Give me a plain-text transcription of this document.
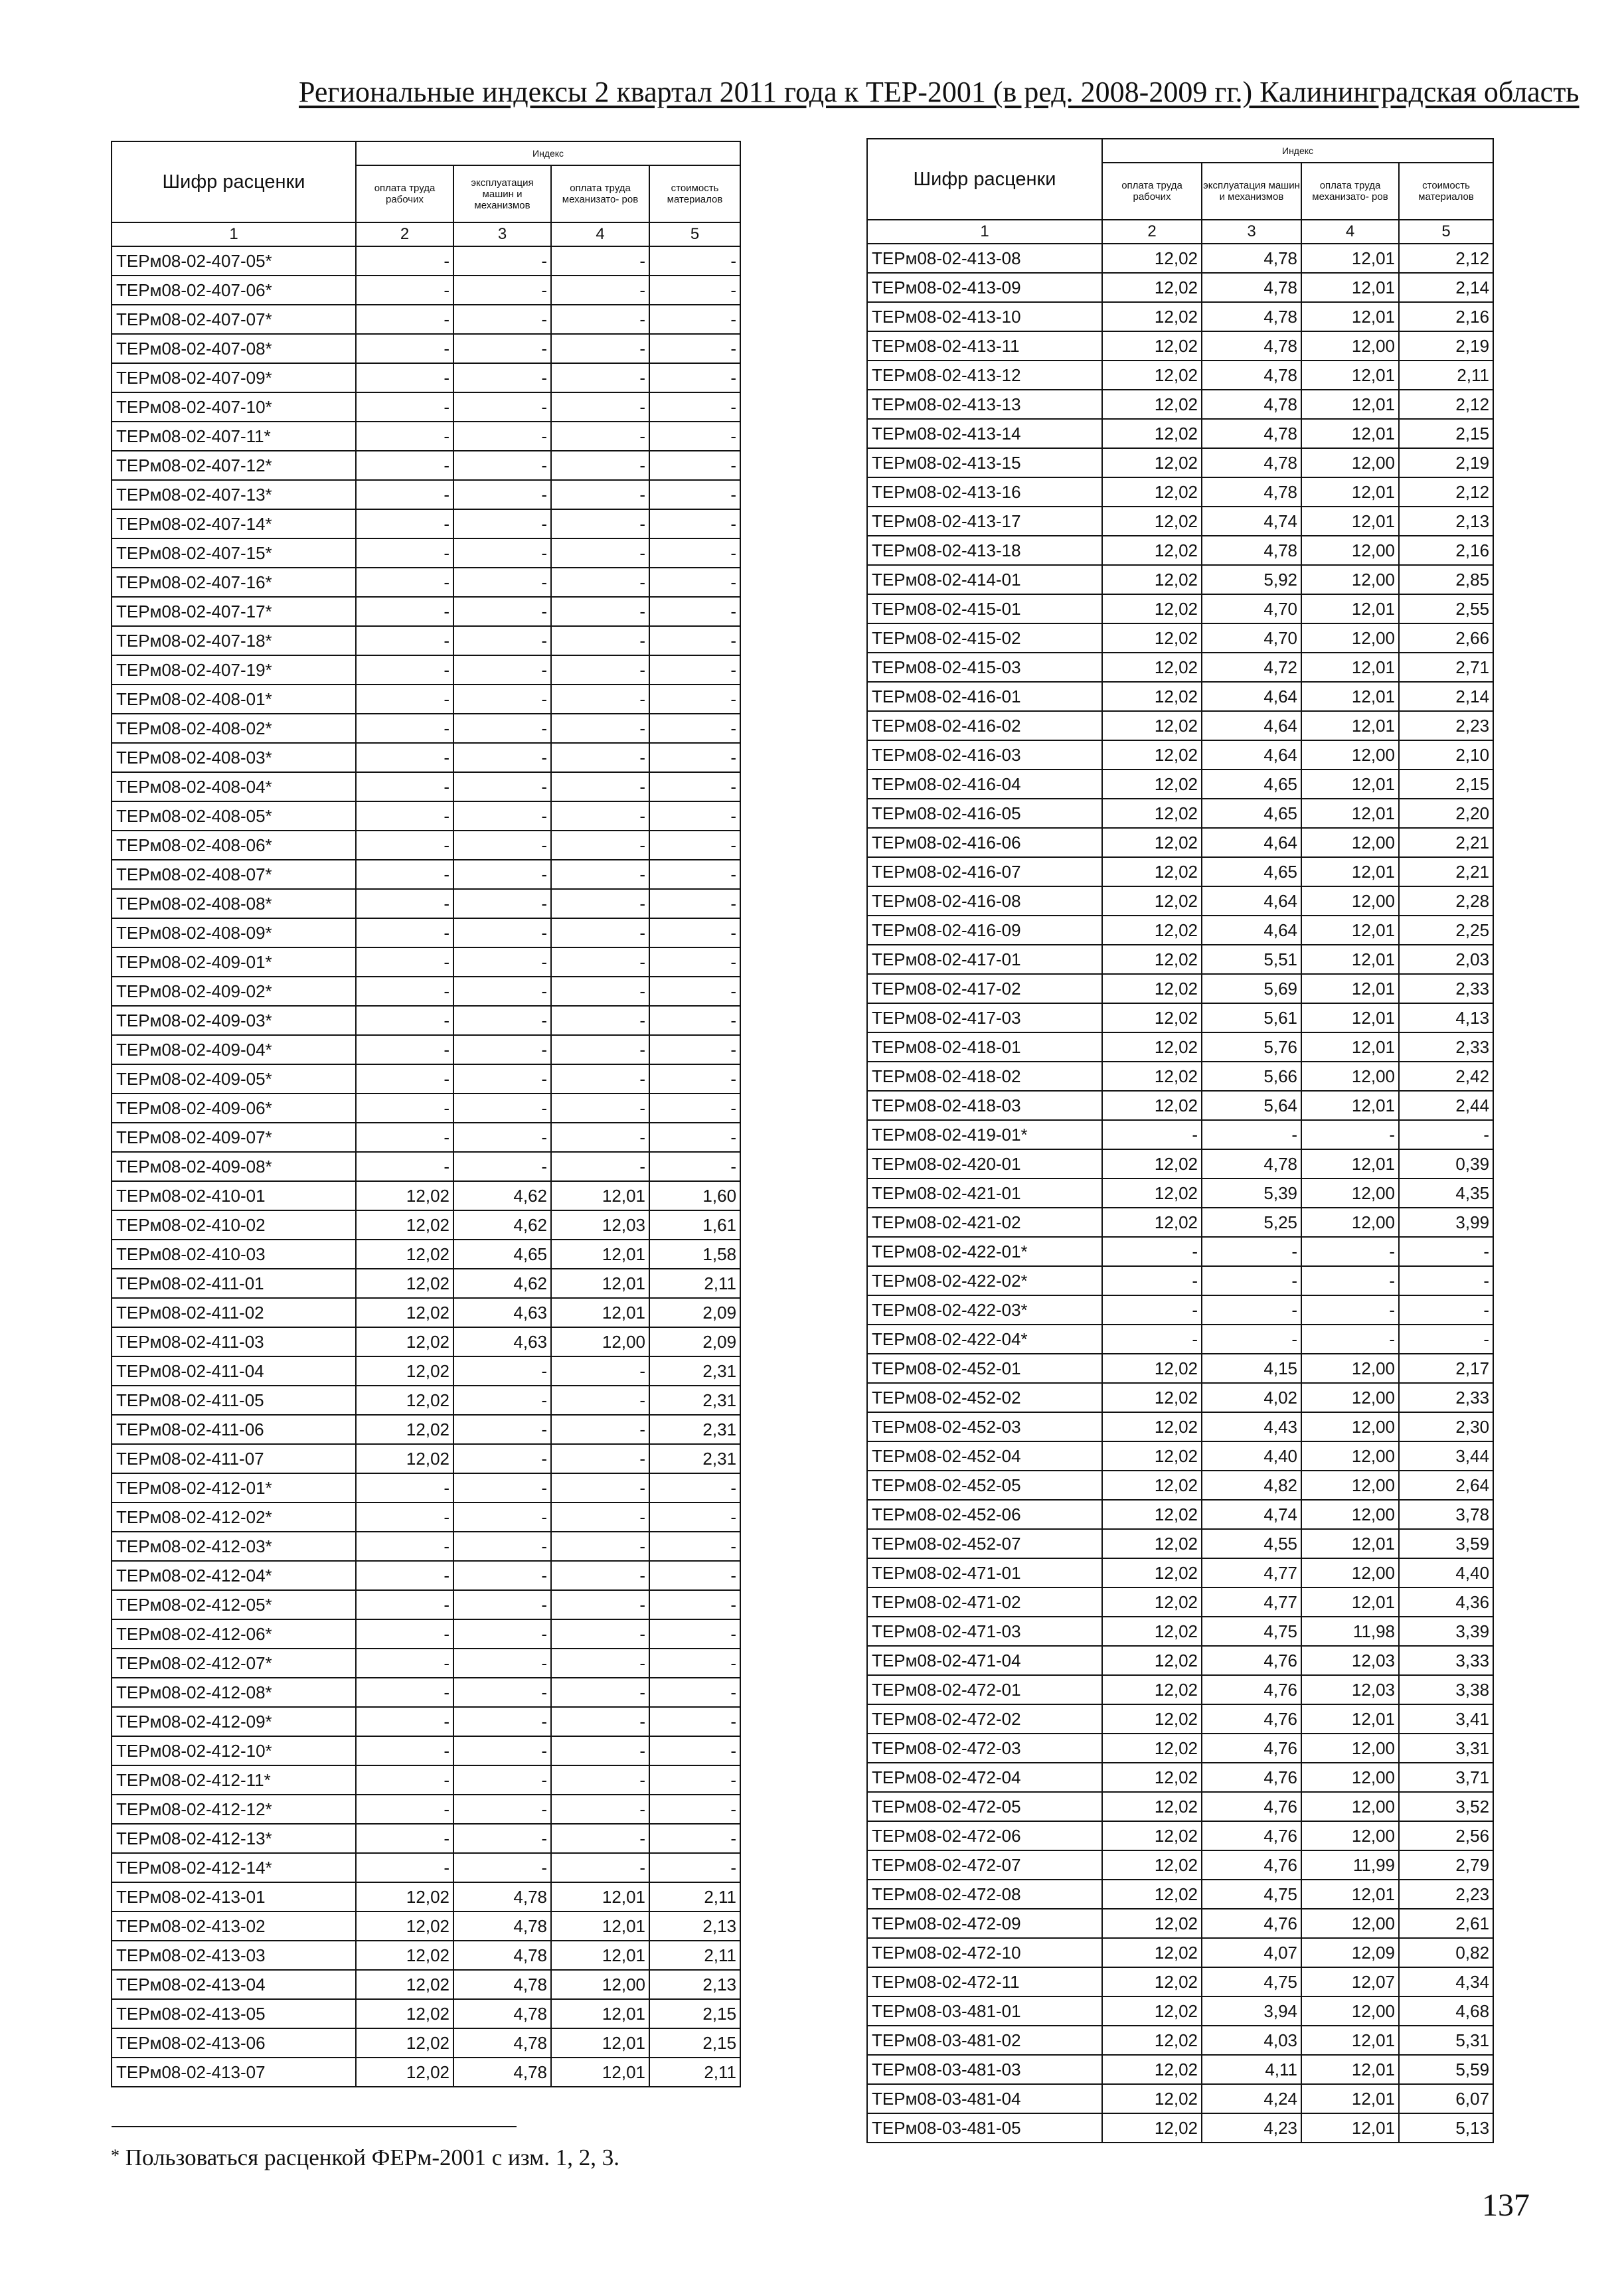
Региональные индексы 2 квартал 2011 года к ТЕР-2001 (в ред. 2008-2009 гг.) Калининградская область
Шифр расценки	Индекс			
	оплата труда рабочих	эксплуатация машин и механизмов	оплата труда механизато- ров	стоимость материалов
1	2	3	4	5
ТЕРм08-02-407-05*	-	-	-	-
ТЕРм08-02-407-06*	-	-	-	-
ТЕРм08-02-407-07*	-	-	-	-
ТЕРм08-02-407-08*	-	-	-	-
ТЕРм08-02-407-09*	-	-	-	-
ТЕРм08-02-407-10*	-	-	-	-
ТЕРм08-02-407-11*	-	-	-	-
ТЕРм08-02-407-12*	-	-	-	-
ТЕРм08-02-407-13*	-	-	-	-
ТЕРм08-02-407-14*	-	-	-	-
ТЕРм08-02-407-15*	-	-	-	-
ТЕРм08-02-407-16*	-	-	-	-
ТЕРм08-02-407-17*	-	-	-	-
ТЕРм08-02-407-18*	-	-	-	-
ТЕРм08-02-407-19*	-	-	-	-
ТЕРм08-02-408-01*	-	-	-	-
ТЕРм08-02-408-02*	-	-	-	-
ТЕРм08-02-408-03*	-	-	-	-
ТЕРм08-02-408-04*	-	-	-	-
ТЕРм08-02-408-05*	-	-	-	-
ТЕРм08-02-408-06*	-	-	-	-
ТЕРм08-02-408-07*	-	-	-	-
ТЕРм08-02-408-08*	-	-	-	-
ТЕРм08-02-408-09*	-	-	-	-
ТЕРм08-02-409-01*	-	-	-	-
ТЕРм08-02-409-02*	-	-	-	-
ТЕРм08-02-409-03*	-	-	-	-
ТЕРм08-02-409-04*	-	-	-	-
ТЕРм08-02-409-05*	-	-	-	-
ТЕРм08-02-409-06*	-	-	-	-
ТЕРм08-02-409-07*	-	-	-	-
ТЕРм08-02-409-08*	-	-	-	-
ТЕРм08-02-410-01	12,02	4,62	12,01	1,60
ТЕРм08-02-410-02	12,02	4,62	12,03	1,61
ТЕРм08-02-410-03	12,02	4,65	12,01	1,58
ТЕРм08-02-411-01	12,02	4,62	12,01	2,11
ТЕРм08-02-411-02	12,02	4,63	12,01	2,09
ТЕРм08-02-411-03	12,02	4,63	12,00	2,09
ТЕРм08-02-411-04	12,02	-	-	2,31
ТЕРм08-02-411-05	12,02	-	-	2,31
ТЕРм08-02-411-06	12,02	-	-	2,31
ТЕРм08-02-411-07	12,02	-	-	2,31
ТЕРм08-02-412-01*	-	-	-	-
ТЕРм08-02-412-02*	-	-	-	-
ТЕРм08-02-412-03*	-	-	-	-
ТЕРм08-02-412-04*	-	-	-	-
ТЕРм08-02-412-05*	-	-	-	-
ТЕРм08-02-412-06*	-	-	-	-
ТЕРм08-02-412-07*	-	-	-	-
ТЕРм08-02-412-08*	-	-	-	-
ТЕРм08-02-412-09*	-	-	-	-
ТЕРм08-02-412-10*	-	-	-	-
ТЕРм08-02-412-11*	-	-	-	-
ТЕРм08-02-412-12*	-	-	-	-
ТЕРм08-02-412-13*	-	-	-	-
ТЕРм08-02-412-14*	-	-	-	-
ТЕРм08-02-413-01	12,02	4,78	12,01	2,11
ТЕРм08-02-413-02	12,02	4,78	12,01	2,13
ТЕРм08-02-413-03	12,02	4,78	12,01	2,11
ТЕРм08-02-413-04	12,02	4,78	12,00	2,13
ТЕРм08-02-413-05	12,02	4,78	12,01	2,15
ТЕРм08-02-413-06	12,02	4,78	12,01	2,15
ТЕРм08-02-413-07	12,02	4,78	12,01	2,11
Шифр расценки	Индекс			
	оплата труда рабочих	эксплуатация машин и механизмов	оплата труда механизато- ров	стоимость материалов
1	2	3	4	5
ТЕРм08-02-413-08	12,02	4,78	12,01	2,12
ТЕРм08-02-413-09	12,02	4,78	12,01	2,14
ТЕРм08-02-413-10	12,02	4,78	12,01	2,16
ТЕРм08-02-413-11	12,02	4,78	12,00	2,19
ТЕРм08-02-413-12	12,02	4,78	12,01	2,11
ТЕРм08-02-413-13	12,02	4,78	12,01	2,12
ТЕРм08-02-413-14	12,02	4,78	12,01	2,15
ТЕРм08-02-413-15	12,02	4,78	12,00	2,19
ТЕРм08-02-413-16	12,02	4,78	12,01	2,12
ТЕРм08-02-413-17	12,02	4,74	12,01	2,13
ТЕРм08-02-413-18	12,02	4,78	12,00	2,16
ТЕРм08-02-414-01	12,02	5,92	12,00	2,85
ТЕРм08-02-415-01	12,02	4,70	12,01	2,55
ТЕРм08-02-415-02	12,02	4,70	12,00	2,66
ТЕРм08-02-415-03	12,02	4,72	12,01	2,71
ТЕРм08-02-416-01	12,02	4,64	12,01	2,14
ТЕРм08-02-416-02	12,02	4,64	12,01	2,23
ТЕРм08-02-416-03	12,02	4,64	12,00	2,10
ТЕРм08-02-416-04	12,02	4,65	12,01	2,15
ТЕРм08-02-416-05	12,02	4,65	12,01	2,20
ТЕРм08-02-416-06	12,02	4,64	12,00	2,21
ТЕРм08-02-416-07	12,02	4,65	12,01	2,21
ТЕРм08-02-416-08	12,02	4,64	12,00	2,28
ТЕРм08-02-416-09	12,02	4,64	12,01	2,25
ТЕРм08-02-417-01	12,02	5,51	12,01	2,03
ТЕРм08-02-417-02	12,02	5,69	12,01	2,33
ТЕРм08-02-417-03	12,02	5,61	12,01	4,13
ТЕРм08-02-418-01	12,02	5,76	12,01	2,33
ТЕРм08-02-418-02	12,02	5,66	12,00	2,42
ТЕРм08-02-418-03	12,02	5,64	12,01	2,44
ТЕРм08-02-419-01*	-	-	-	-
ТЕРм08-02-420-01	12,02	4,78	12,01	0,39
ТЕРм08-02-421-01	12,02	5,39	12,00	4,35
ТЕРм08-02-421-02	12,02	5,25	12,00	3,99
ТЕРм08-02-422-01*	-	-	-	-
ТЕРм08-02-422-02*	-	-	-	-
ТЕРм08-02-422-03*	-	-	-	-
ТЕРм08-02-422-04*	-	-	-	-
ТЕРм08-02-452-01	12,02	4,15	12,00	2,17
ТЕРм08-02-452-02	12,02	4,02	12,00	2,33
ТЕРм08-02-452-03	12,02	4,43	12,00	2,30
ТЕРм08-02-452-04	12,02	4,40	12,00	3,44
ТЕРм08-02-452-05	12,02	4,82	12,00	2,64
ТЕРм08-02-452-06	12,02	4,74	12,00	3,78
ТЕРм08-02-452-07	12,02	4,55	12,01	3,59
ТЕРм08-02-471-01	12,02	4,77	12,00	4,40
ТЕРм08-02-471-02	12,02	4,77	12,01	4,36
ТЕРм08-02-471-03	12,02	4,75	11,98	3,39
ТЕРм08-02-471-04	12,02	4,76	12,03	3,33
ТЕРм08-02-472-01	12,02	4,76	12,03	3,38
ТЕРм08-02-472-02	12,02	4,76	12,01	3,41
ТЕРм08-02-472-03	12,02	4,76	12,00	3,31
ТЕРм08-02-472-04	12,02	4,76	12,00	3,71
ТЕРм08-02-472-05	12,02	4,76	12,00	3,52
ТЕРм08-02-472-06	12,02	4,76	12,00	2,56
ТЕРм08-02-472-07	12,02	4,76	11,99	2,79
ТЕРм08-02-472-08	12,02	4,75	12,01	2,23
ТЕРм08-02-472-09	12,02	4,76	12,00	2,61
ТЕРм08-02-472-10	12,02	4,07	12,09	0,82
ТЕРм08-02-472-11	12,02	4,75	12,07	4,34
ТЕРм08-03-481-01	12,02	3,94	12,00	4,68
ТЕРм08-03-481-02	12,02	4,03	12,01	5,31
ТЕРм08-03-481-03	12,02	4,11	12,01	5,59
ТЕРм08-03-481-04	12,02	4,24	12,01	6,07
ТЕРм08-03-481-05	12,02	4,23	12,01	5,13
* Пользоваться расценкой ФЕРм-2001 с изм. 1, 2, 3.
137
